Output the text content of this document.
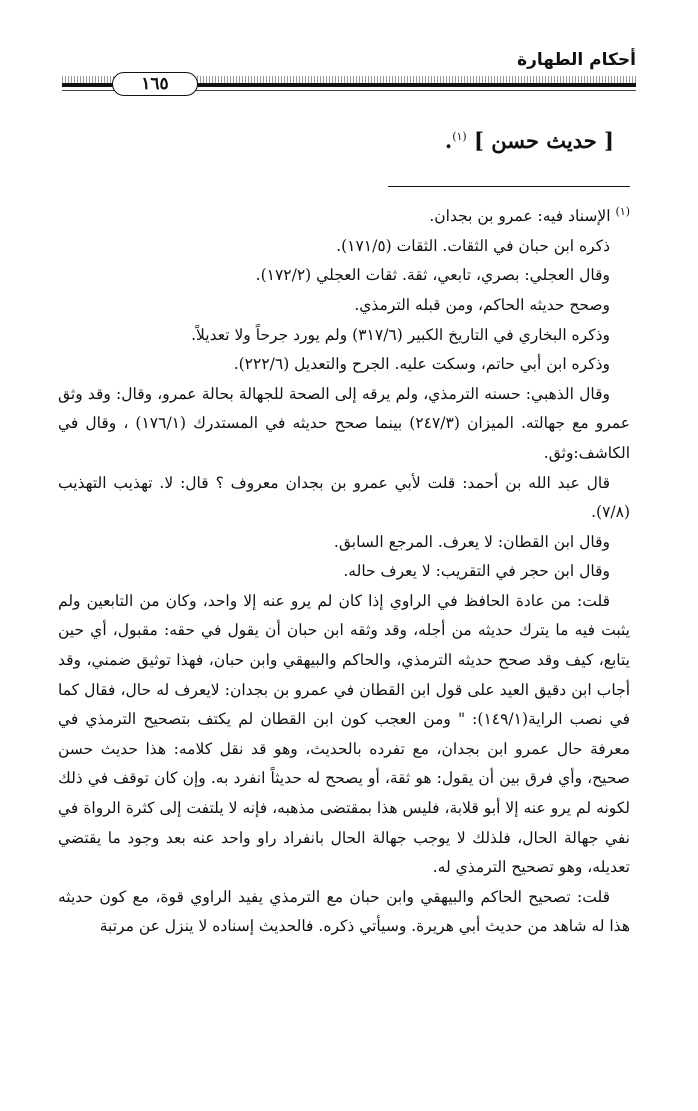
أحكام الطهارة
١٦٥
[ حديث حسن ] $^{(١)}$.

$^{(١)}$ الإسناد فيه: عمرو بن بجدان.

ذكره ابن حبان في الثقات. الثقات (١٧١/٥).

وقال العجلي: بصري، تابعي، ثقة. ثقات العجلي (١٧٢/٢).

وصحح حديثه الحاكم، ومن قبله الترمذي.

وذكره البخاري في التاريخ الكبير (٣١٧/٦) ولم يورد جرحاً ولا تعديلاً.

وذكره ابن أبي حاتم، وسكت عليه. الجرح والتعديل (٢٢٢/٦).

وقال الذهبي: حسنه الترمذي، ولم يرقه إلى الصحة للجهالة بحالة عمرو، وقال: وقد وثق عمرو مع جهالته. الميزان (٢٤٧/٣) بينما صحح حديثه في المستدرك (١٧٦/١) ، وقال في الكاشف:وثق.

قال عبد الله بن أحمد: قلت لأبي عمرو بن بجدان معروف ؟ قال: لا. تهذيب التهذيب (٧/٨).

وقال ابن القطان: لا يعرف. المرجع السابق.

وقال ابن حجر في التقريب: لا يعرف حاله.

قلت: من عادة الحافظ في الراوي إذا كان لم يرو عنه إلا واحد، وكان من التابعين ولم يثبت فيه ما يترك حديثه من أجله، وقد وثقه ابن حبان أن يقول في حقه: مقبول، أي حين يتابع، كيف وقد صحح حديثه الترمذي، والحاكم والبيهقي وابن حبان، فهذا توثيق ضمني، وقد أجاب ابن دقيق العيد على قول ابن القطان في عمرو بن بجدان: لايعرف له حال، فقال كما في نصب الراية(١٤٩/١): " ومن العجب كون ابن القطان لم يكتف بتصحيح الترمذي في معرفة حال عمرو ابن بجدان، مع تفرده بالحديث، وهو قد نقل كلامه: هذا حديث حسن صحيح، وأي فرق بين أن يقول: هو ثقة، أو يصحح له حديثاً انفرد به. وإن كان توقف في ذلك لكونه لم يرو عنه إلا أبو قلابة، فليس هذا بمقتضى مذهبه، فإنه لا يلتفت إلى كثرة الرواة في نفي جهالة الحال، فلذلك لا يوجب جهالة الحال بانفراد راو واحد عنه بعد وجود ما يقتضي تعديله، وهو تصحيح الترمذي له.

قلت: تصحيح الحاكم والبيهقي وابن حبان مع الترمذي يفيد الراوي قوة، مع كون حديثه هذا له شاهد من حديث أبي هريرة. وسيأتي ذكره. فالحديث إسناده لا ينزل عن مرتبة
